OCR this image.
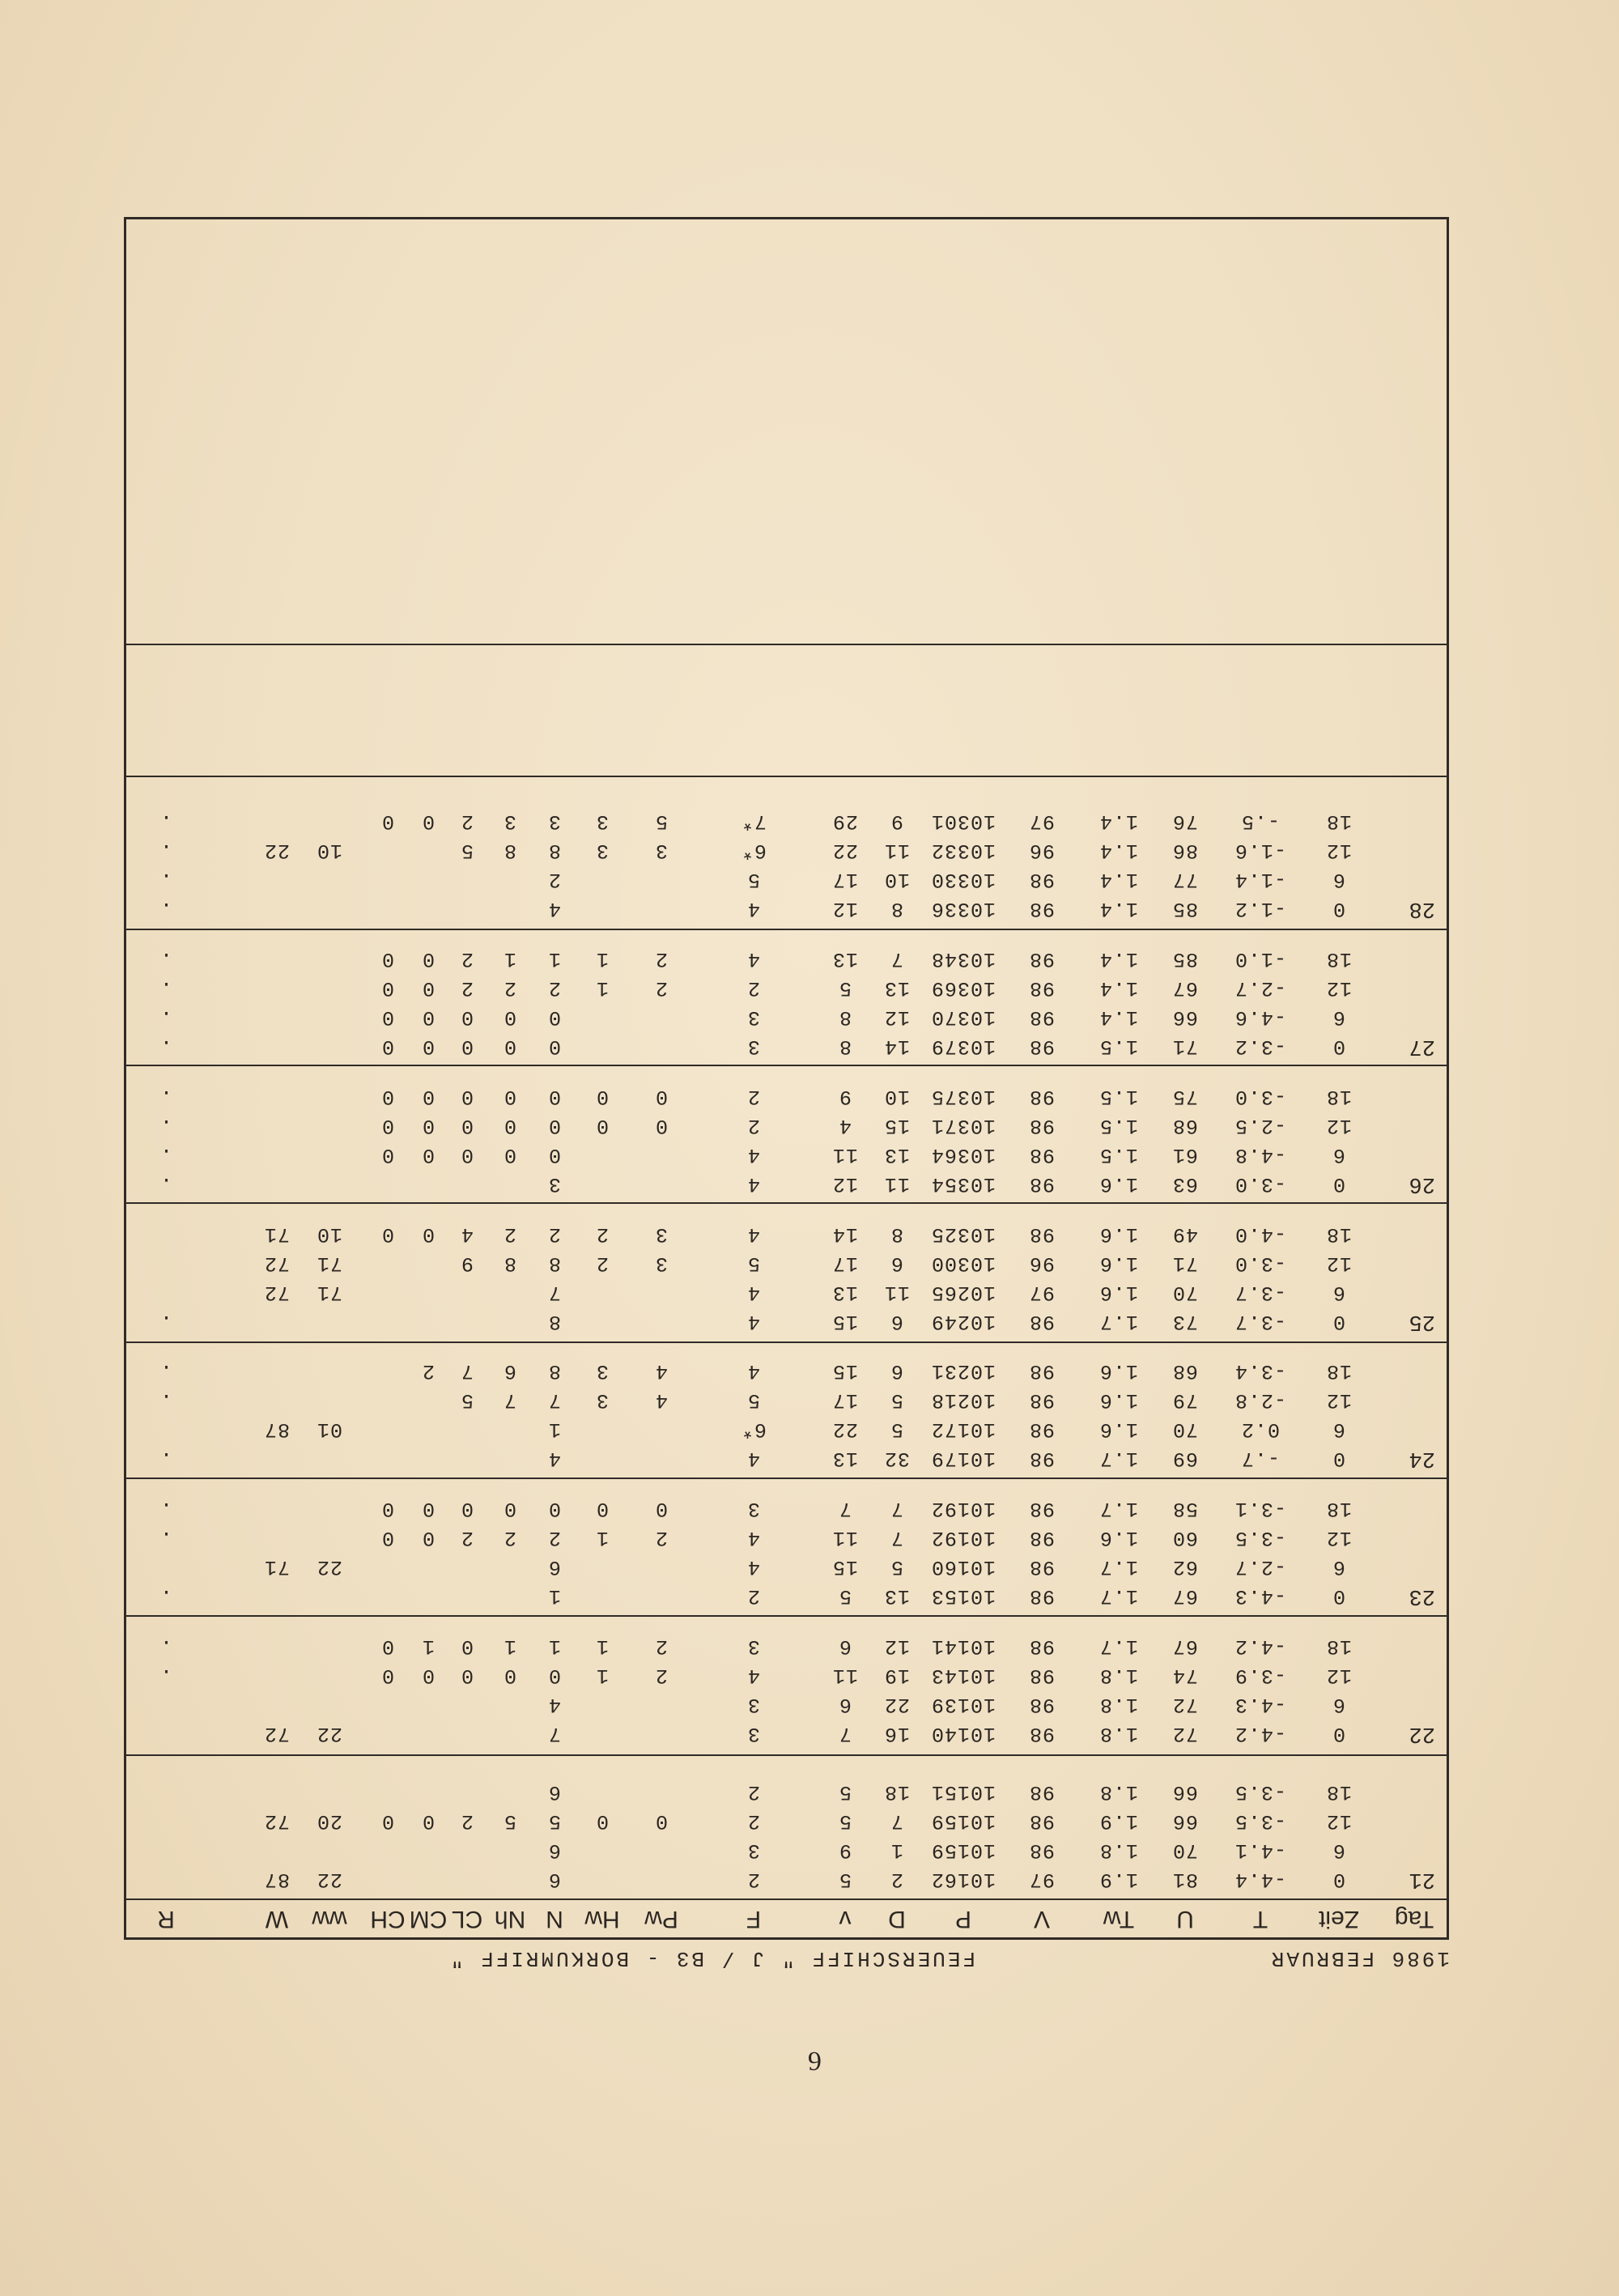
6
1986 FEBRUAR
FEUERSCHIFF " J / B3 - BORKUMRIFF "
Tag
Zeit
T
U
Tw
V
P
D
v
F
Pw
Hw
N
Nh
CL
CM
CH
ww
W
R
21
0
-4.4
81
1.9
97
10162
2
5
2
6
22
87
6
-4.1
70
1.8
98
10159
1
9
3
6
12
-3.5
66
1.9
98
10159
7
5
2
0
0
5
5
2
0
0
20
72
18
-3.5
66
1.8
98
10151
18
5
2
6
22
0
-4.2
72
1.8
98
10140
16
7
3
7
22
72
6
-4.3
72
1.8
98
10139
22
6
3
4
12
-3.9
74
1.8
98
10143
19
11
4
2
1
0
0
0
0
0
.
18
-4.2
67
1.7
98
10141
12
6
3
2
1
1
1
0
1
0
.
23
0
-4.3
67
1.7
98
10153
13
5
2
1
.
6
-2.7
62
1.7
98
10160
5
15
4
6
22
71
12
-3.5
60
1.6
98
10192
7
11
4
2
1
2
2
2
0
0
.
18
-3.1
58
1.7
98
10192
7
7
3
0
0
0
0
0
0
0
.
24
0
-.7
69
1.7
98
10179
32
13
4
4
.
6
0.2
70
1.6
98
10172
5
22
6*
1
01
87
12
-2.8
79
1.6
98
10218
5
17
5
4
3
7
7
5
.
18
-3.4
68
1.6
98
10231
6
15
4
4
3
8
6
7
2
.
25
0
-3.7
73
1.7
98
10249
6
15
4
8
.
6
-3.7
70
1.6
97
10265
11
13
4
7
71
72
12
-3.0
71
1.6
96
10300
6
17
5
3
2
8
8
9
71
72
18
-4.0
49
1.6
98
10325
8
14
4
3
2
2
2
4
0
0
10
71
26
0
-3.0
63
1.6
98
10354
11
12
4
3
.
6
-4.8
61
1.5
98
10364
13
11
4
0
0
0
0
0
.
12
-2.5
68
1.5
98
10371
15
4
2
0
0
0
0
0
0
0
.
18
-3.0
75
1.5
98
10375
10
9
2
0
0
0
0
0
0
0
.
27
0
-3.2
71
1.5
98
10379
14
8
3
0
0
0
0
0
.
6
-4.6
66
1.4
98
10370
12
8
3
0
0
0
0
0
.
12
-2.7
67
1.4
98
10369
13
5
2
2
1
2
2
2
0
0
.
18
-1.0
85
1.4
98
10348
7
13
4
2
1
1
1
2
0
0
.
28
0
-1.2
85
1.4
98
10336
8
12
4
4
.
6
-1.4
77
1.4
98
10330
10
17
5
2
.
12
-1.6
86
1.4
96
10332
11
22
6*
3
3
8
8
5
10
22
.
18
-.5
76
1.4
97
10301
9
29
7*
5
3
3
3
2
0
0
.
